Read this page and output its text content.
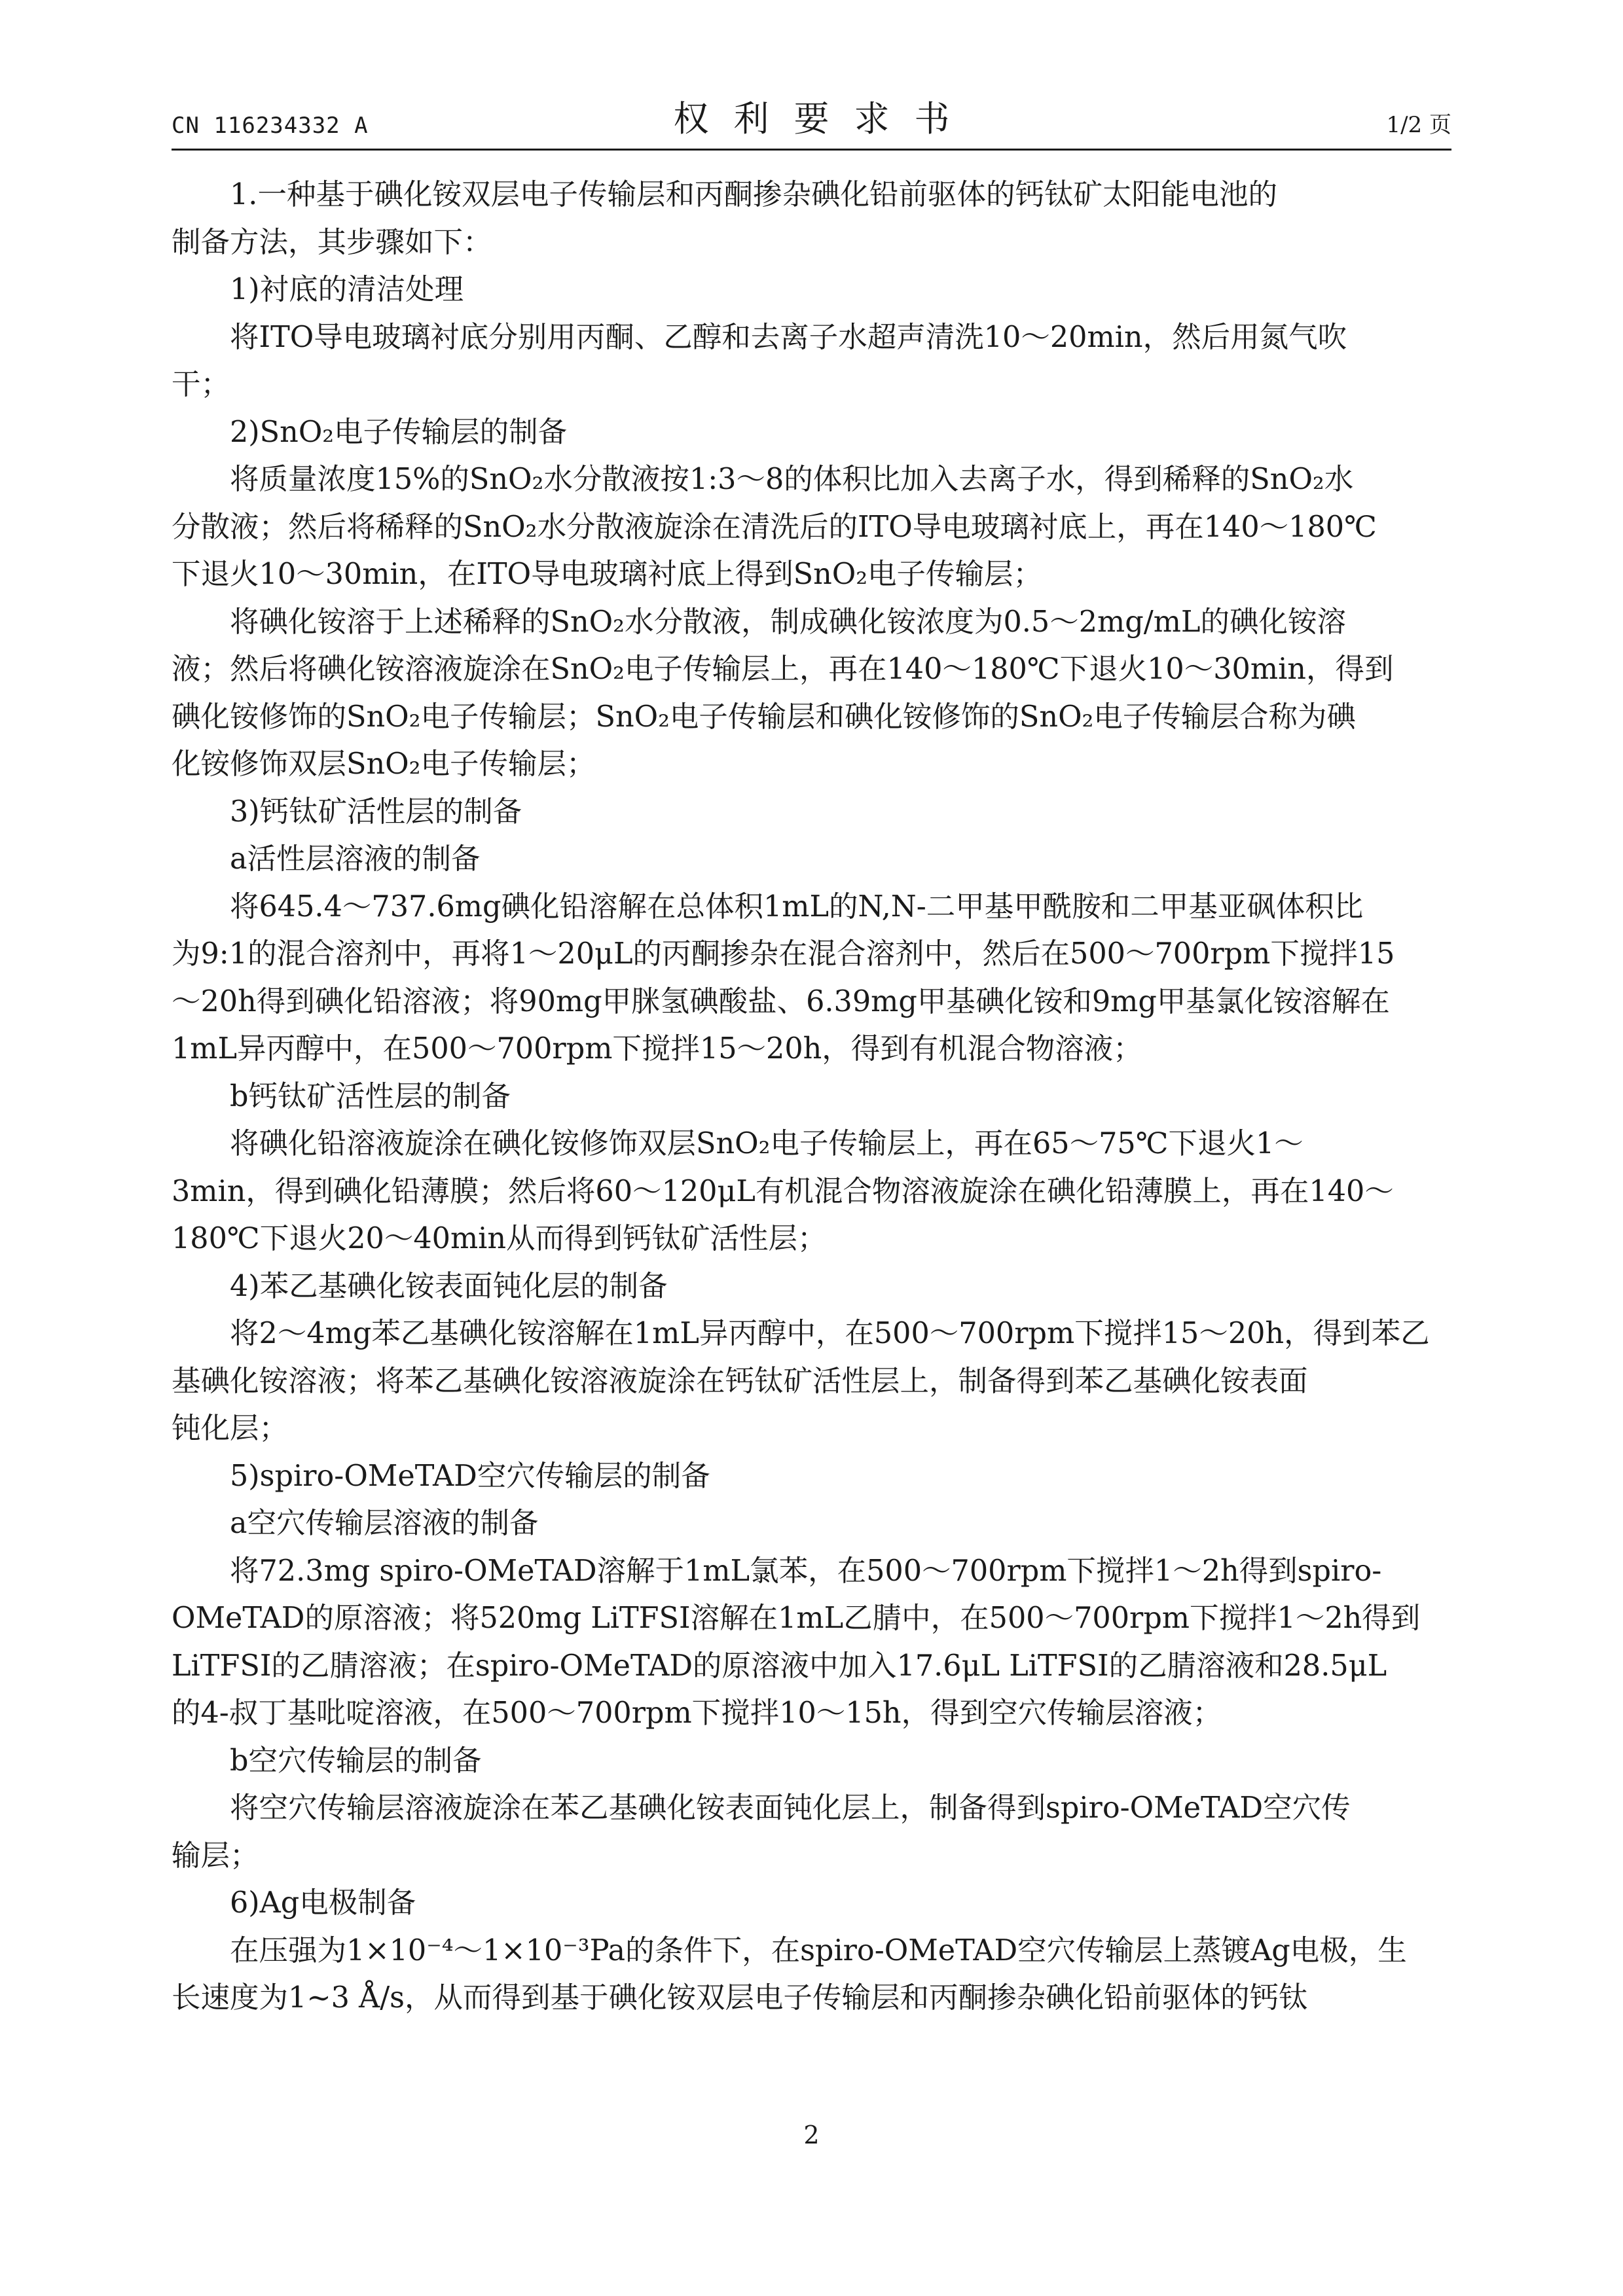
CN 116234332 A	权利要求书	1/2 页

1.一种基于碘化铵双层电子传输层和丙酮掺杂碘化铅前驱体的钙钛矿太阳能电池的

制备方法，其步骤如下：

1)衬底的清洁处理

将ITO导电玻璃衬底分别用丙酮、乙醇和去离子水超声清洗10～20min，然后用氮气吹

干；

2)SnO₂电子传输层的制备

将质量浓度15%的SnO₂水分散液按1:3～8的体积比加入去离子水，得到稀释的SnO₂水

分散液；然后将稀释的SnO₂水分散液旋涂在清洗后的ITO导电玻璃衬底上，再在140～180℃

下退火10～30min，在ITO导电玻璃衬底上得到SnO₂电子传输层；

将碘化铵溶于上述稀释的SnO₂水分散液，制成碘化铵浓度为0.5～2mg/mL的碘化铵溶

液；然后将碘化铵溶液旋涂在SnO₂电子传输层上，再在140～180℃下退火10～30min，得到

碘化铵修饰的SnO₂电子传输层；SnO₂电子传输层和碘化铵修饰的SnO₂电子传输层合称为碘

化铵修饰双层SnO₂电子传输层；

3)钙钛矿活性层的制备

a活性层溶液的制备

将645.4～737.6mg碘化铅溶解在总体积1mL的N,N-二甲基甲酰胺和二甲基亚砜体积比

为9:1的混合溶剂中，再将1～20μL的丙酮掺杂在混合溶剂中，然后在500～700rpm下搅拌15

～20h得到碘化铅溶液；将90mg甲脒氢碘酸盐、6.39mg甲基碘化铵和9mg甲基氯化铵溶解在

1mL异丙醇中，在500～700rpm下搅拌15～20h，得到有机混合物溶液；

b钙钛矿活性层的制备

将碘化铅溶液旋涂在碘化铵修饰双层SnO₂电子传输层上，再在65～75℃下退火1～

3min，得到碘化铅薄膜；然后将60～120μL有机混合物溶液旋涂在碘化铅薄膜上，再在140～

180℃下退火20～40min从而得到钙钛矿活性层；

4)苯乙基碘化铵表面钝化层的制备

将2～4mg苯乙基碘化铵溶解在1mL异丙醇中，在500～700rpm下搅拌15～20h，得到苯乙

基碘化铵溶液；将苯乙基碘化铵溶液旋涂在钙钛矿活性层上，制备得到苯乙基碘化铵表面

钝化层；

5)spiro-OMeTAD空穴传输层的制备

a空穴传输层溶液的制备

将72.3mg spiro-OMeTAD溶解于1mL氯苯，在500～700rpm下搅拌1～2h得到spiro-

OMeTAD的原溶液；将520mg LiTFSI溶解在1mL乙腈中，在500～700rpm下搅拌1～2h得到

LiTFSI的乙腈溶液；在spiro-OMeTAD的原溶液中加入17.6μL LiTFSI的乙腈溶液和28.5μL

的4-叔丁基吡啶溶液，在500～700rpm下搅拌10～15h，得到空穴传输层溶液；

b空穴传输层的制备

将空穴传输层溶液旋涂在苯乙基碘化铵表面钝化层上，制备得到spiro-OMeTAD空穴传

输层；

6)Ag电极制备

在压强为1×10⁻⁴～1×10⁻³Pa的条件下，在spiro-OMeTAD空穴传输层上蒸镀Ag电极，生

长速度为1~3 Å/s，从而得到基于碘化铵双层电子传输层和丙酮掺杂碘化铅前驱体的钙钛

2
